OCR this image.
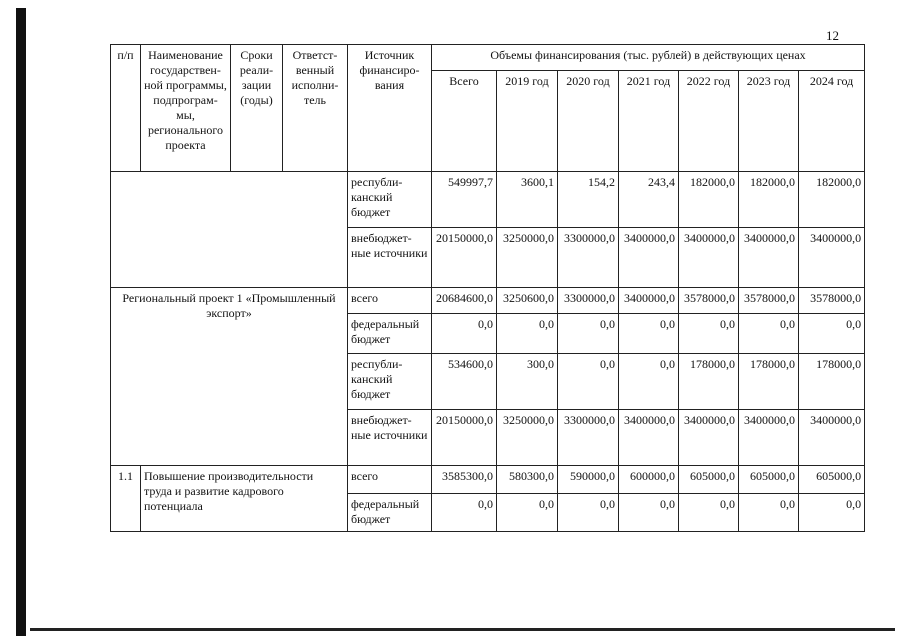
12
п/п	Наименование государствен-ной программы, подпрограм-мы, регионального проекта	Сроки реали-зации (годы)	Ответст-венный исполни-тель	Источник финансиро-вания	Объемы финансирования (тыс. рублей) в действующих ценах						
					Всего	2019 год	2020 год	2021 год	2022 год	2023 год	2024 год
				республи-канский бюджет	549997,7	3600,1	154,2	243,4	182000,0	182000,0	182000,0
				внебюджет-ные источники	20150000,0	3250000,0	3300000,0	3400000,0	3400000,0	3400000,0	3400000,0
Региональный проект 1 «Промышленный экспорт»				всего	20684600,0	3250600,0	3300000,0	3400000,0	3578000,0	3578000,0	3578000,0
				федеральный бюджет	0,0	0,0	0,0	0,0	0,0	0,0	0,0
				республи-канский бюджет	534600,0	300,0	0,0	0,0	178000,0	178000,0	178000,0
				внебюджет-ные источники	20150000,0	3250000,0	3300000,0	3400000,0	3400000,0	3400000,0	3400000,0
1.1	Повышение производительности труда и развитие кадрового потенциала			всего	3585300,0	580300,0	590000,0	600000,0	605000,0	605000,0	605000,0
				федеральный бюджет	0,0	0,0	0,0	0,0	0,0	0,0	0,0
